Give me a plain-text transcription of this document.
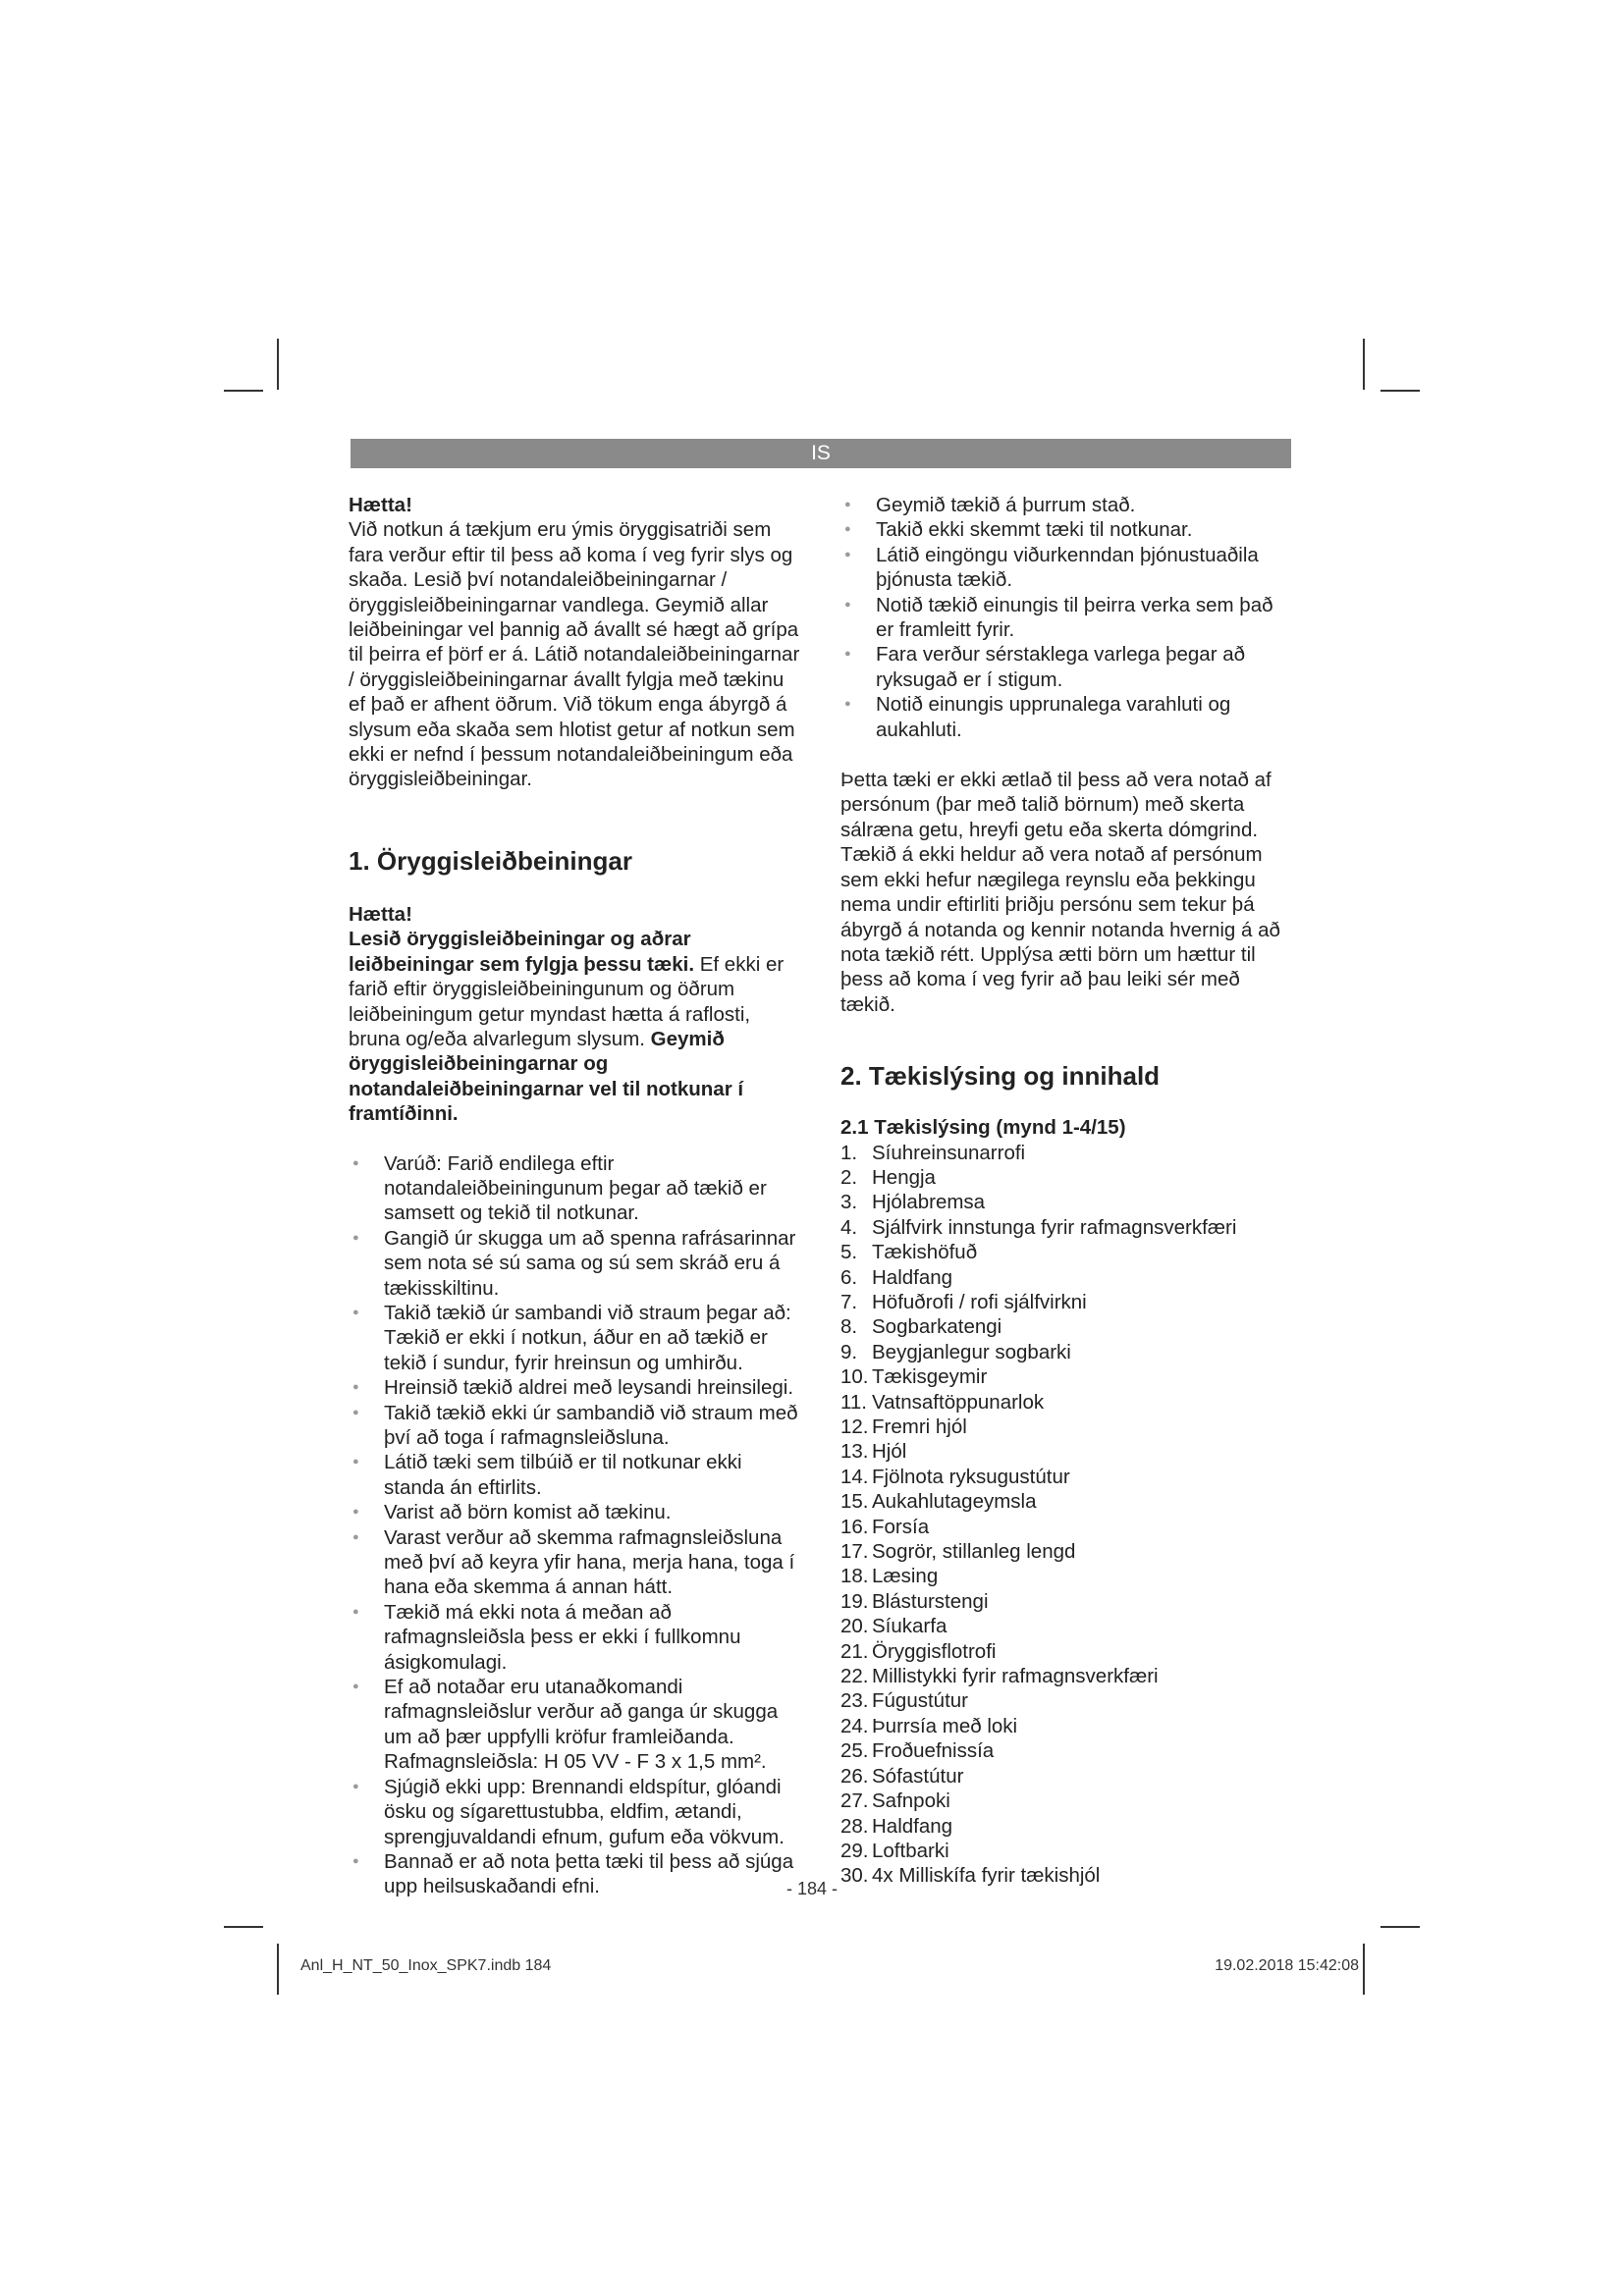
IS

Hætta!

Við notkun á tækjum eru ýmis öryggisatriði sem fara verður eftir til þess að koma í veg fyrir slys og skaða. Lesið því notandaleiðbeiningarnar / öryggisleiðbeiningarnar vandlega. Geymið allar leiðbeiningar vel þannig að ávallt sé hægt að grípa til þeirra ef þörf er á. Látið notandaleiðbeiningarnar / öryggisleiðbeiningarnar ávallt fylgja með tækinu ef það er afhent öðrum. Við tökum enga ábyrgð á slysum eða skaða sem hlotist getur af notkun sem ekki er nefnd í þessum notandaleiðbeiningum eða öryggisleiðbeiningar.

1. Öryggisleiðbeiningar

Hætta!

Lesið öryggisleiðbeiningar og aðrar leiðbeiningar sem fylgja þessu tæki. Ef ekki er farið eftir öryggisleiðbeiningunum og öðrum leiðbeiningum getur myndast hætta á raflosti, bruna og/eða alvarlegum slysum. Geymið öryggisleiðbeiningarnar og notandaleiðbeiningarnar vel til notkunar í framtíðinni.

● Varúð: Farið endilega eftir notandaleiðbeiningunum þegar að tækið er samsett og tekið til notkunar.
● Gangið úr skugga um að spenna rafrásarinnar sem nota sé sú sama og sú sem skráð eru á tækisskiltinu.
● Takið tækið úr sambandi við straum þegar að: Tækið er ekki í notkun, áður en að tækið er tekið í sundur, fyrir hreinsun og umhirðu.
● Hreinsið tækið aldrei með leysandi hreinsilegi.
● Takið tækið ekki úr sambandið við straum með því að toga í rafmagnsleiðsluna.
● Látið tæki sem tilbúið er til notkunar ekki standa án eftirlits.
● Varist að börn komist að tækinu.
● Varast verður að skemma rafmagnsleiðsluna með því að keyra yfir hana, merja hana, toga í hana eða skemma á annan hátt.
● Tækið má ekki nota á meðan að rafmagnsleiðsla þess er ekki í fullkomnu ásigkomulagi.
● Ef að notaðar eru utanaðkomandi rafmagnsleiðslur verður að ganga úr skugga um að þær uppfylli kröfur framleiðanda. Rafmagnsleiðsla: H 05 VV - F 3 x 1,5 mm².
● Sjúgið ekki upp: Brennandi eldspítur, glóandi ösku og sígarettustubba, eldfim, ætandi, sprengjuvaldandi efnum, gufum eða vökvum.
● Bannað er að nota þetta tæki til þess að sjúga upp heilsuskaðandi efni.
● Geymið tækið á þurrum stað.
● Takið ekki skemmt tæki til notkunar.
● Látið eingöngu viðurkenndan þjónustuaðila þjónusta tækið.
● Notið tækið einungis til þeirra verka sem það er framleitt fyrir.
● Fara verður sérstaklega varlega þegar að ryksugað er í stigum.
● Notið einungis upprunalega varahluti og aukahluti.

Þetta tæki er ekki ætlað til þess að vera notað af persónum (þar með talið börnum) með skerta sálræna getu, hreyfi getu eða skerta dómgrind. Tækið á ekki heldur að vera notað af persónum sem ekki hefur nægilega reynslu eða þekkingu nema undir eftirliti þriðju persónu sem tekur þá ábyrgð á notanda og kennir notanda hvernig á að nota tækið rétt. Upplýsa ætti börn um hættur til þess að koma í veg fyrir að þau leiki sér með tækið.

2. Tækislýsing og innihald

2.1 Tækislýsing (mynd 1-4/15)

1. Síuhreinsunarrofi
2. Hengja
3. Hjólabremsa
4. Sjálfvirk innstunga fyrir rafmagnsverkfæri
5. Tækishöfuð
6. Haldfang
7. Höfuðrofi / rofi sjálfvirkni
8. Sogbarkatengi
9. Beygjanlegur sogbarki
10. Tækisgeymir
11. Vatnsaftöppunarlok
12. Fremri hjól
13. Hjól
14. Fjölnota ryksugustútur
15. Aukahlutageymsla
16. Forsía
17. Sogrör, stillanleg lengd
18. Læsing
19. Blásturstengi
20. Síukarfa
21. Öryggisflotrofi
22. Millistykki fyrir rafmagnsverkfæri
23. Fúgustútur
24. Þurrsía með loki
25. Froðuefnissía
26. Sófastútur
27. Safnpoki
28. Haldfang
29. Loftbarki
30. 4x Milliskífa fyrir tækishjól
- 184 -
Anl_H_NT_50_Inox_SPK7.indb 184	19.02.2018 15:42:08
